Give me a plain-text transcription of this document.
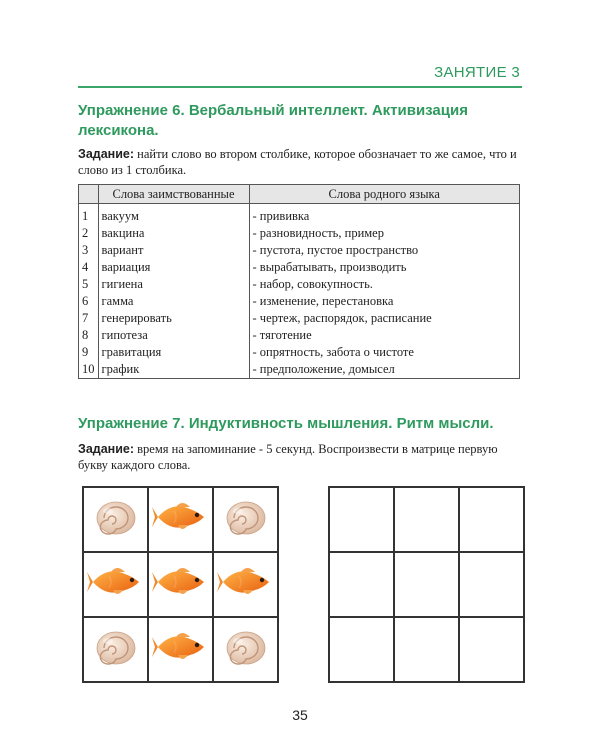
ЗАНЯТИЕ 3
Упражнение 6. Вербальный интеллект. Активизация лексикона.
Задание: найти слово во втором столбике, которое обозначает то же самое, что и слово из 1 столбика.
	Слова заимствованные	Слова родного языка
1	вакуум	- прививка
2	вакцина	- разновидность, пример
3	вариант	- пустота, пустое пространство
4	вариация	- вырабатывать, производить
5	гигиена	- набор, совокупность.
6	гамма	- изменение, перестановка
7	генерировать	- чертеж, распорядок, расписание
8	гипотеза	- тяготение
9	гравитация	- опрятность, забота о чистоте
10	график	- предположение, домысел
Упражнение 7. Индуктивность мышления. Ритм мысли.
Задание: время на запоминание - 5 секунд. Воспроизвести в матрице первую букву каждого слова.
35
